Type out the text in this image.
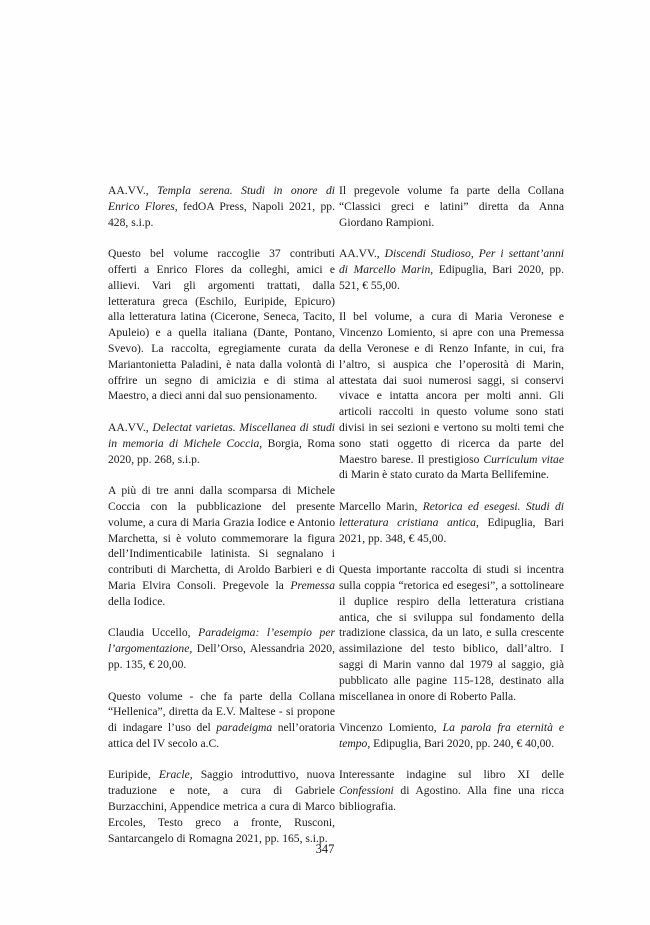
AA.VV., Templa serena. Studi in onore di Enrico Flores, fedOA Press, Napoli 2021, pp. 428, s.i.p.

Questo bel volume raccoglie 37 contributi offerti a Enrico Flores da colleghi, amici e allievi. Vari gli argomenti trattati, dalla letteratura greca (Eschilo, Euripide, Epicuro) alla letteratura latina (Cicerone, Seneca, Tacito, Apuleio) e a quella italiana (Dante, Pontano, Svevo). La raccolta, egregiamente curata da Mariantonietta Paladini, è nata dalla volontà di offrire un segno di amicizia e di stima al Maestro, a dieci anni dal suo pensionamento.

AA.VV., Delectat varietas. Miscellanea di studi in memoria di Michele Coccia, Borgia, Roma 2020, pp. 268, s.i.p.

A più di tre anni dalla scomparsa di Michele Coccia con la pubblicazione del presente volume, a cura di Maria Grazia Iodice e Antonio Marchetta, si è voluto commemorare la figura dell’Indimenticabile latinista. Si segnalano i contributi di Marchetta, di Aroldo Barbieri e di Maria Elvira Consoli. Pregevole la Premessa della Iodice.

Claudia Uccello, Paradeigma: l’esempio per l’argomentazione, Dell’Orso, Alessandria 2020, pp. 135, € 20,00.

Questo volume - che fa parte della Collana “Hellenica”, diretta da E.V. Maltese - si propone di indagare l’uso del paradeigma nell’oratoria attica del IV secolo a.C.

Euripide, Eracle, Saggio introduttivo, nuova traduzione e note, a cura di Gabriele Burzacchini, Appendice metrica a cura di Marco Ercoles, Testo greco a fronte, Rusconi, Santarcangelo di Romagna 2021, pp. 165, s.i.p.

Il pregevole volume fa parte della Collana “Classici greci e latini” diretta da Anna Giordano Rampioni.

AA.VV., Discendi Studioso, Per i settant’anni di Marcello Marin, Edipuglia, Bari 2020, pp. 521, € 55,00.

Il bel volume, a cura di Maria Veronese e Vincenzo Lomiento, si apre con una Premessa della Veronese e di Renzo Infante, in cui, fra l’altro, si auspica che l’operosità di Marin, attestata dai suoi numerosi saggi, si conservi vivace e intatta ancora per molti anni. Gli articoli raccolti in questo volume sono stati divisi in sei sezioni e vertono su molti temi che sono stati oggetto di ricerca da parte del Maestro barese. Il prestigioso Curriculum vitae di Marin è stato curato da Marta Bellifemine.

Marcello Marin, Retorica ed esegesi. Studi di letteratura cristiana antica, Edipuglia, Bari 2021, pp. 348, € 45,00.

Questa importante raccolta di studi si incentra sulla coppia “retorica ed esegesi”, a sottolineare il duplice respiro della letteratura cristiana antica, che si sviluppa sul fondamento della tradizione classica, da un lato, e sulla crescente assimilazione del testo biblico, dall’altro. I saggi di Marin vanno dal 1979 al saggio, già pubblicato alle pagine 115-128, destinato alla miscellanea in onore di Roberto Palla.

Vincenzo Lomiento, La parola fra eternità e tempo, Edipuglia, Bari 2020, pp. 240, € 40,00.

Interessante indagine sul libro XI delle Confessioni di Agostino. Alla fine una ricca bibliografia.

347
